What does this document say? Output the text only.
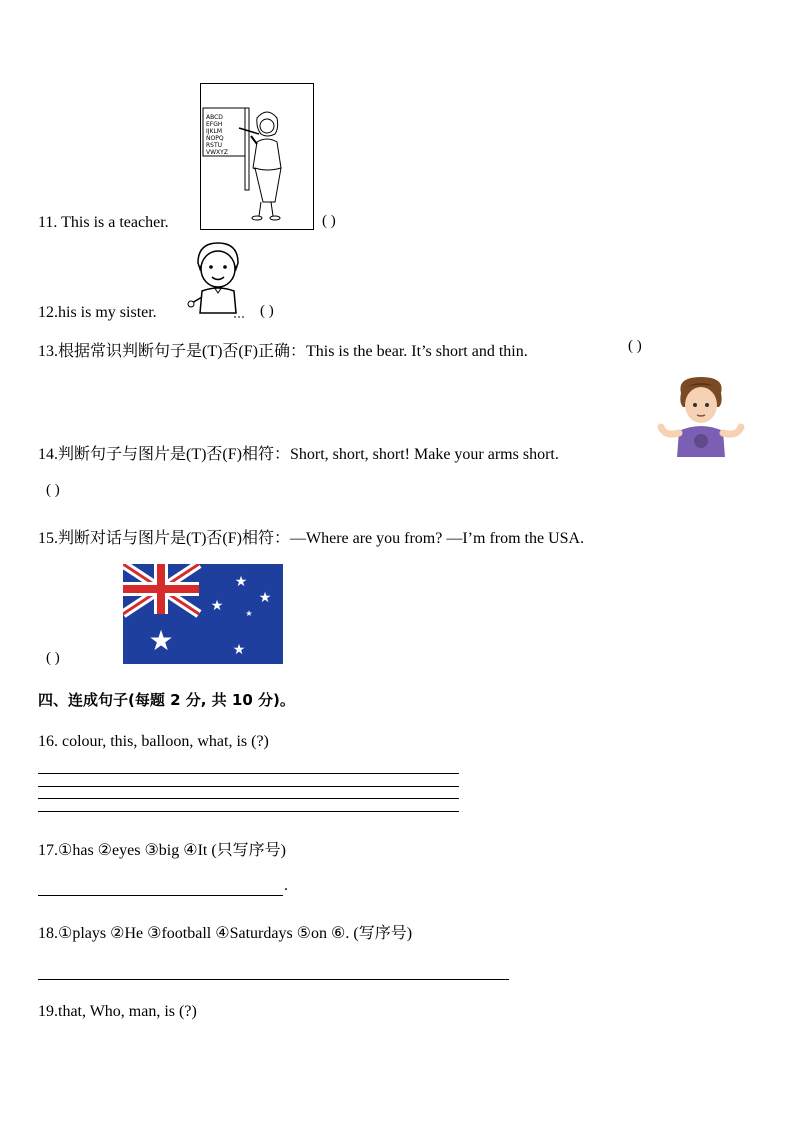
11. This is a teacher.
ABCD
EFGH
IJKLM
NOPQ
RSTU
VWXYZ
( )
12.his is my sister.	( )
13.根据常识判断句子是(T)否(F)正确：This is the bear. It’s short and thin.	( )
14.判断句子与图片是(T)否(F)相符：Short, short, short! Make your arms short.
( )
15.判断对话与图片是(T)否(F)相符：—Where are you from? —I’m from the USA.
★
★
★	★
★
★
( )
四、连成句子(每题 2 分, 共 10 分)。
16. colour, this, balloon, what, is (?)
17.①has ②eyes ③big ④It (只写序号)
.
18.①plays ②He ③football ④Saturdays ⑤on ⑥. (写序号)
19.that, Who, man, is (?)
